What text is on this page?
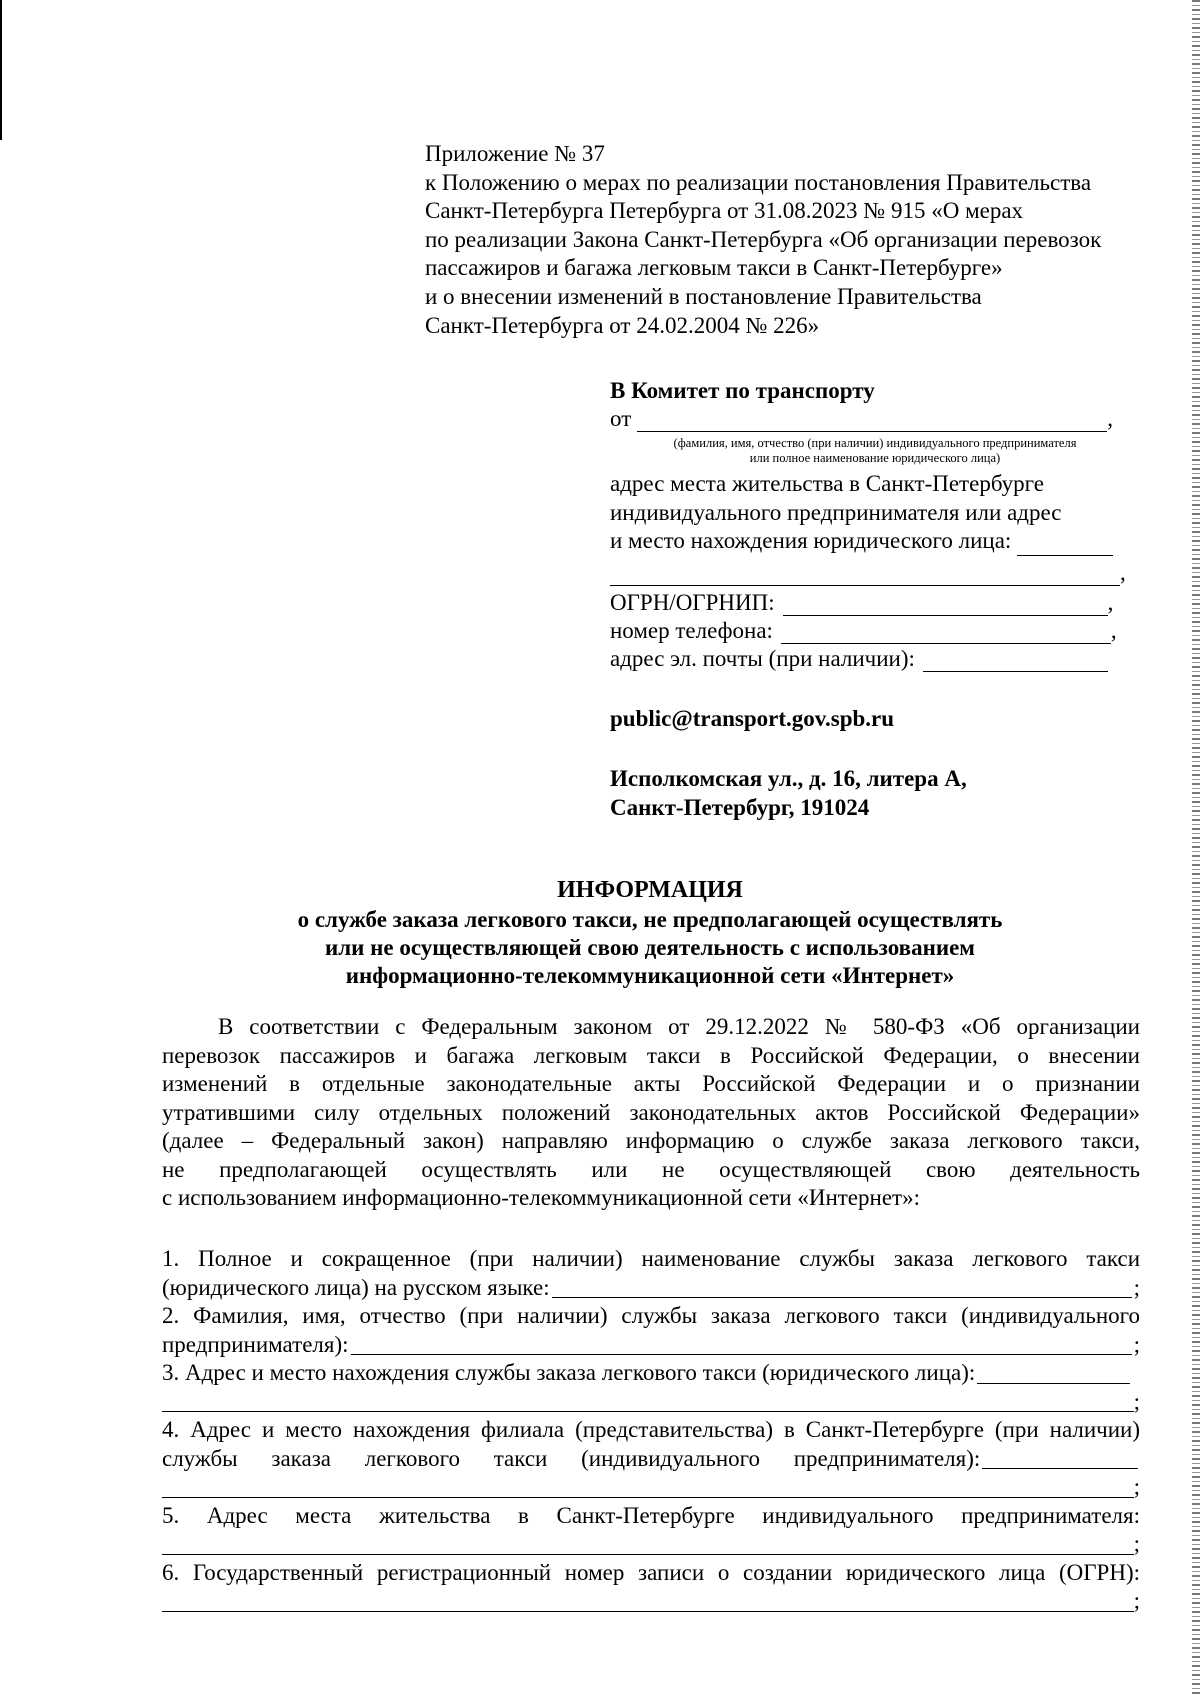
Приложение № 37
к Положению о мерах по реализации постановления Правительства
Санкт-Петербурга Петербурга от 31.08.2023 № 915 «О мерах
по реализации Закона Санкт-Петербурга «Об организации перевозок
пассажиров и багажа легковым такси в Санкт-Петербурге»
и о внесении изменений в постановление Правительства
Санкт-Петербурга от 24.02.2004 № 226»
В Комитет по транспорту
от	,
(фамилия, имя, отчество (при наличии) индивидуального предпринимателя
или полное наименование юридического лица)
адрес места жительства в Санкт-Петербурге
индивидуального предпринимателя или адрес
и место нахождения юридического лица:
,
ОГРН/ОГРНИП:	,
номер телефона:	,
адрес эл. почты (при наличии):
public@transport.gov.spb.ru
Исполкомская ул., д. 16, литера А,
Санкт-Петербург, 191024
ИНФОРМАЦИЯ
о службе заказа легкового такси, не предполагающей осуществлять
или не осуществляющей свою деятельность с использованием
информационно-телекоммуникационной сети «Интернет»
В соответствии с Федеральным законом от 29.12.2022 № 580-ФЗ «Об организации
перевозок пассажиров и багажа легковым такси в Российской Федерации, о внесении
изменений в отдельные законодательные акты Российской Федерации и о признании
утратившими силу отдельных положений законодательных актов Российской Федерации»
(далее – Федеральный закон) направляю информацию о службе заказа легкового такси,
не предполагающей осуществлять или не осуществляющей свою деятельность
с использованием информационно-телекоммуникационной сети «Интернет»:
1. Полное и сокращенное (при наличии) наименование службы заказа легкового такси
(юридического лица) на русском языке:	;
2. Фамилия, имя, отчество (при наличии) службы заказа легкового такси (индивидуального
предпринимателя):	;
3. Адрес и место нахождения службы заказа легкового такси (юридического лица):
;
4. Адрес и место нахождения филиала (представительства) в Санкт-Петербурге (при наличии)
службы заказа легкового такси (индивидуального предпринимателя):
;
5. Адрес места жительства в Санкт-Петербурге индивидуального предпринимателя:
;
6. Государственный регистрационный номер записи о создании юридического лица (ОГРН):
;
